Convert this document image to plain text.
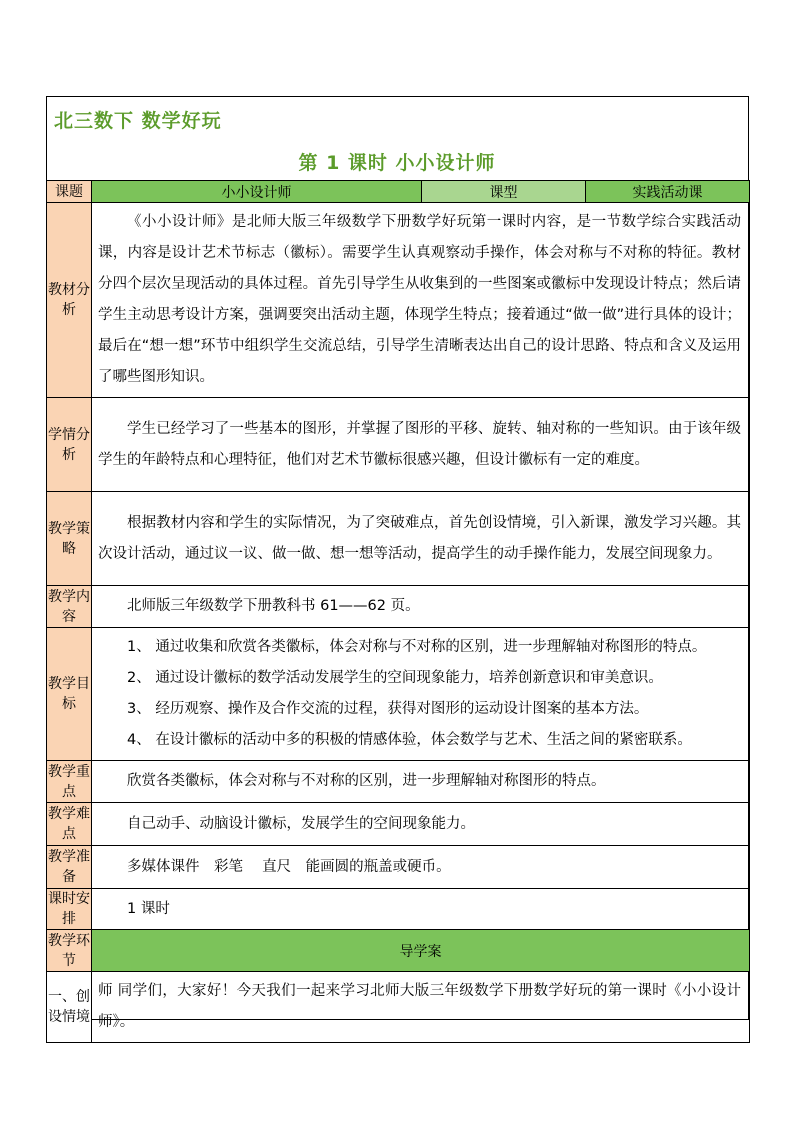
北三数下 数学好玩
第 1 课时 小小设计师
课题	小小设计师	课型	实践活动课
教材分析	《小小设计师》是北师大版三年级数学下册数学好玩第一课时内容，是一节数学综合实践活动课，内容是设计艺术节标志（徽标）。需要学生认真观察动手操作，体会对称与不对称的特征。教材分四个层次呈现活动的具体过程。首先引导学生从收集到的一些图案或徽标中发现设计特点；然后请学生主动思考设计方案，强调要突出活动主题，体现学生特点；接着通过“做一做”进行具体的设计；最后在“想一想”环节中组织学生交流总结，引导学生清晰表达出自己的设计思路、特点和含义及运用了哪些图形知识。		
学情分析	学生已经学习了一些基本的图形，并掌握了图形的平移、旋转、轴对称的一些知识。由于该年级学生的年龄特点和心理特征，他们对艺术节徽标很感兴趣，但设计徽标有一定的难度。		
教学策略	根据教材内容和学生的实际情况，为了突破难点，首先创设情境，引入新课，激发学习兴趣。其次设计活动，通过议一议、做一做、想一想等活动，提高学生的动手操作能力，发展空间现象力。		
教学内容	北师版三年级数学下册教科书 61——62 页。		
教学目标	1、 通过收集和欣赏各类徽标，体会对称与不对称的区别，进一步理解轴对称图形的特点。

2、 通过设计徽标的数学活动发展学生的空间现象能力，培养创新意识和审美意识。

3、 经历观察、操作及合作交流的过程，获得对图形的运动设计图案的基本方法。

4、 在设计徽标的活动中多的积极的情感体验，体会数学与艺术、生活之间的紧密联系。		

教学重点	欣赏各类徽标，体会对称与不对称的区别，进一步理解轴对称图形的特点。		
教学难点	自己动手、动脑设计徽标，发展学生的空间现象能力。		
教学准备	多媒体课件　彩笔　 直尺　能画圆的瓶盖或硬币。		
课时安排	1 课时		
教学环节	导学案		
一、创设情境	师 同学们，大家好！今天我们一起来学习北师大版三年级数学下册数学好玩的第一课时《小小设计师》。		
